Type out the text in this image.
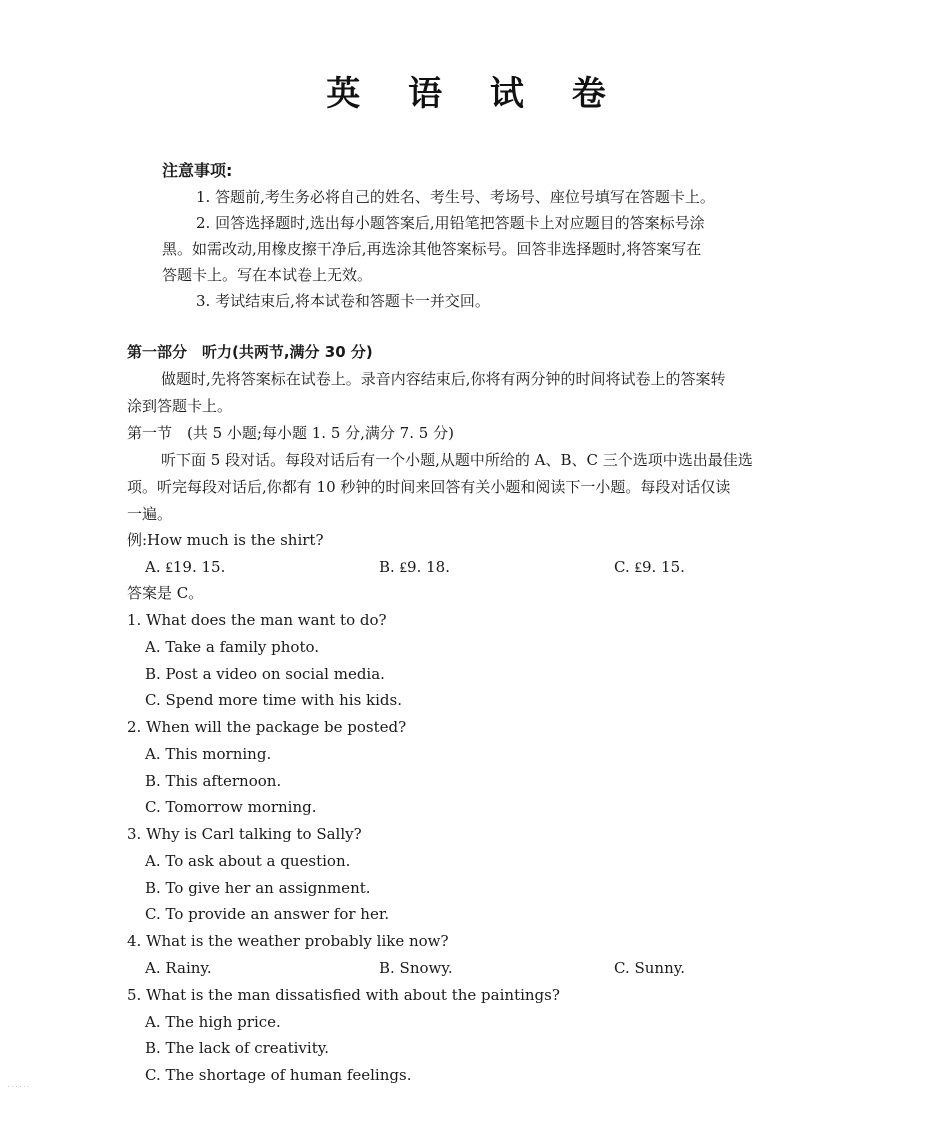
英 语 试 卷
注意事项:
1. 答题前,考生务必将自己的姓名、考生号、考场号、座位号填写在答题卡上。
2. 回答选择题时,选出每小题答案后,用铅笔把答题卡上对应题目的答案标号涂
黑。如需改动,用橡皮擦干净后,再选涂其他答案标号。回答非选择题时,将答案写在
答题卡上。写在本试卷上无效。
3. 考试结束后,将本试卷和答题卡一并交回。
第一部分　听力(共两节,满分 30 分)
做题时,先将答案标在试卷上。录音内容结束后,你将有两分钟的时间将试卷上的答案转
涂到答题卡上。
第一节　(共 5 小题;每小题 1. 5 分,满分 7. 5 分)
听下面 5 段对话。每段对话后有一个小题,从题中所给的 A、B、C 三个选项中选出最佳选
项。听完每段对话后,你都有 10 秒钟的时间来回答有关小题和阅读下一小题。每段对话仅读
一遍。
例:How much is the shirt?
A. ₤19. 15.	B. ₤9. 18.	C. ₤9. 15.
答案是 C。
1. What does the man want to do?
A. Take a family photo.
B. Post a video on social media.
C. Spend more time with his kids.
2. When will the package be posted?
A. This morning.
B. This afternoon.
C. Tomorrow morning.
3. Why is Carl talking to Sally?
A. To ask about a question.
B. To give her an assignment.
C. To provide an answer for her.
4. What is the weather probably like now?
A. Rainy.	B. Snowy.	C. Sunny.
5. What is the man dissatisfied with about the paintings?
A. The high price.
B. The lack of creativity.
C. The shortage of human feelings.
· · · · · ·
